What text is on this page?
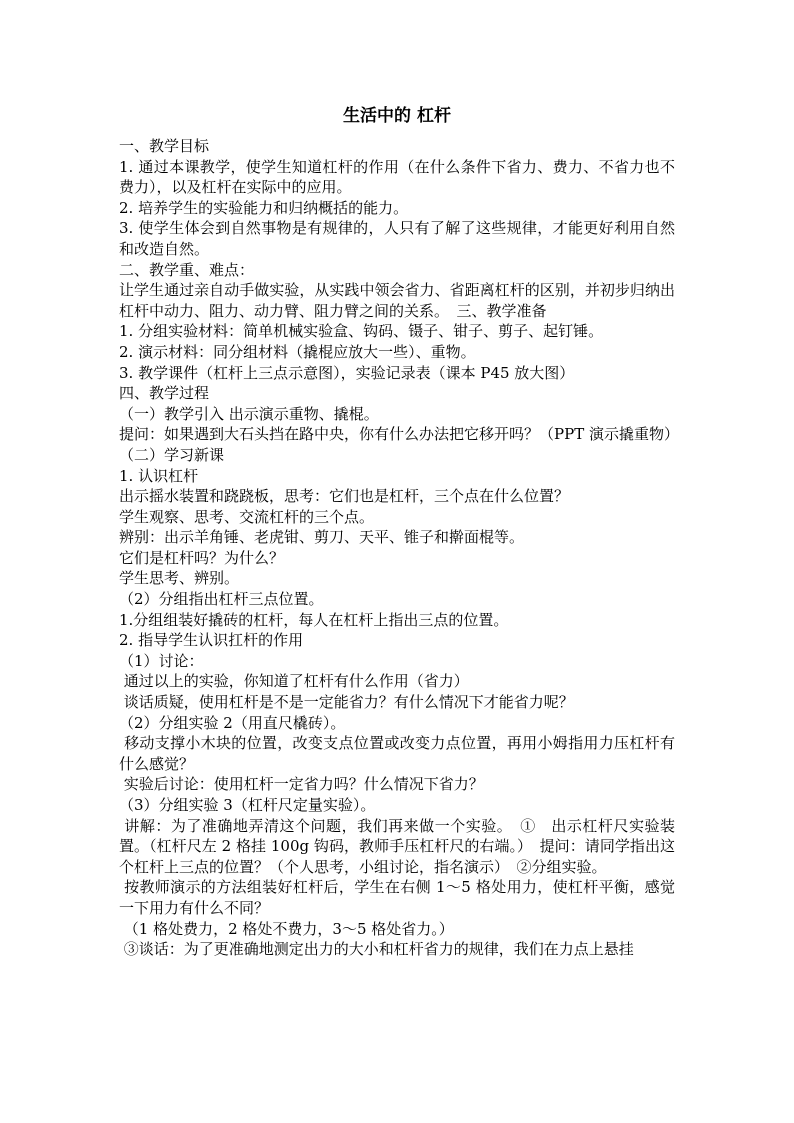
生活中的 杠杆

一、教学目标

1. 通过本课教学，使学生知道杠杆的作用（在什么条件下省力、费力、不省力也不费力），以及杠杆在实际中的应用。

2. 培养学生的实验能力和归纳概括的能力。

3. 使学生体会到自然事物是有规律的，人只有了解了这些规律，才能更好利用自然和改造自然。

二、教学重、难点：

让学生通过亲自动手做实验，从实践中领会省力、省距离杠杆的区别，并初步归纳出杠杆中动力、阻力、动力臂、阻力臂之间的关系。　三、教学准备

1. 分组实验材料：简单机械实验盒、钩码、镊子、钳子、剪子、起钉锤。

2. 演示材料：同分组材料（撬棍应放大一些）、重物。

3. 教学课件（杠杆上三点示意图），实验记录表（课本 P45 放大图）

四、教学过程

（一）教学引入 出示演示重物、撬棍。

提问：如果遇到大石头挡在路中央，你有什么办法把它移开吗？（PPT 演示撬重物）

（二）学习新课

1. 认识杠杆

出示摇水装置和跷跷板，思考：它们也是杠杆，三个点在什么位置？

学生观察、思考、交流杠杆的三个点。

辨别：出示羊角锤、老虎钳、剪刀、天平、锥子和擀面棍等。

它们是杠杆吗？为什么？

学生思考、辨别。

（2）分组指出杠杆三点位置。

1.分组组装好撬砖的杠杆，每人在杠杆上指出三点的位置。

2. 指导学生认识扛杆的作用

（1）讨论：

通过以上的实验，你知道了杠杆有什么作用（省力）

谈话质疑，使用杠杆是不是一定能省力？有什么情况下才能省力呢？

（2）分组实验 2（用直尺橇砖）。

移动支撑小木块的位置，改变支点位置或改变力点位置，再用小姆指用力压杠杆有什么感觉？

实验后讨论：使用杠杆一定省力吗？什么情况下省力？

（3）分组实验 3（杠杆尺定量实验）。

讲解：为了准确地弄清这个问题，我们再来做一个实验。　①　出示杠杆尺实验装置。（杠杆尺左 2 格挂 100g 钩码，教师手压杠杆尺的右端。）　提问：请同学指出这个杠杆上三点的位置？（个人思考，小组讨论，指名演示）　②分组实验。

按教师演示的方法组装好杠杆后，学生在右侧 1～5 格处用力，使杠杆平衡，感觉一下用力有什么不同？

（1 格处费力，2 格处不费力，3～5 格处省力。）

③谈话：为了更准确地测定出力的大小和杠杆省力的规律，我们在力点上悬挂
